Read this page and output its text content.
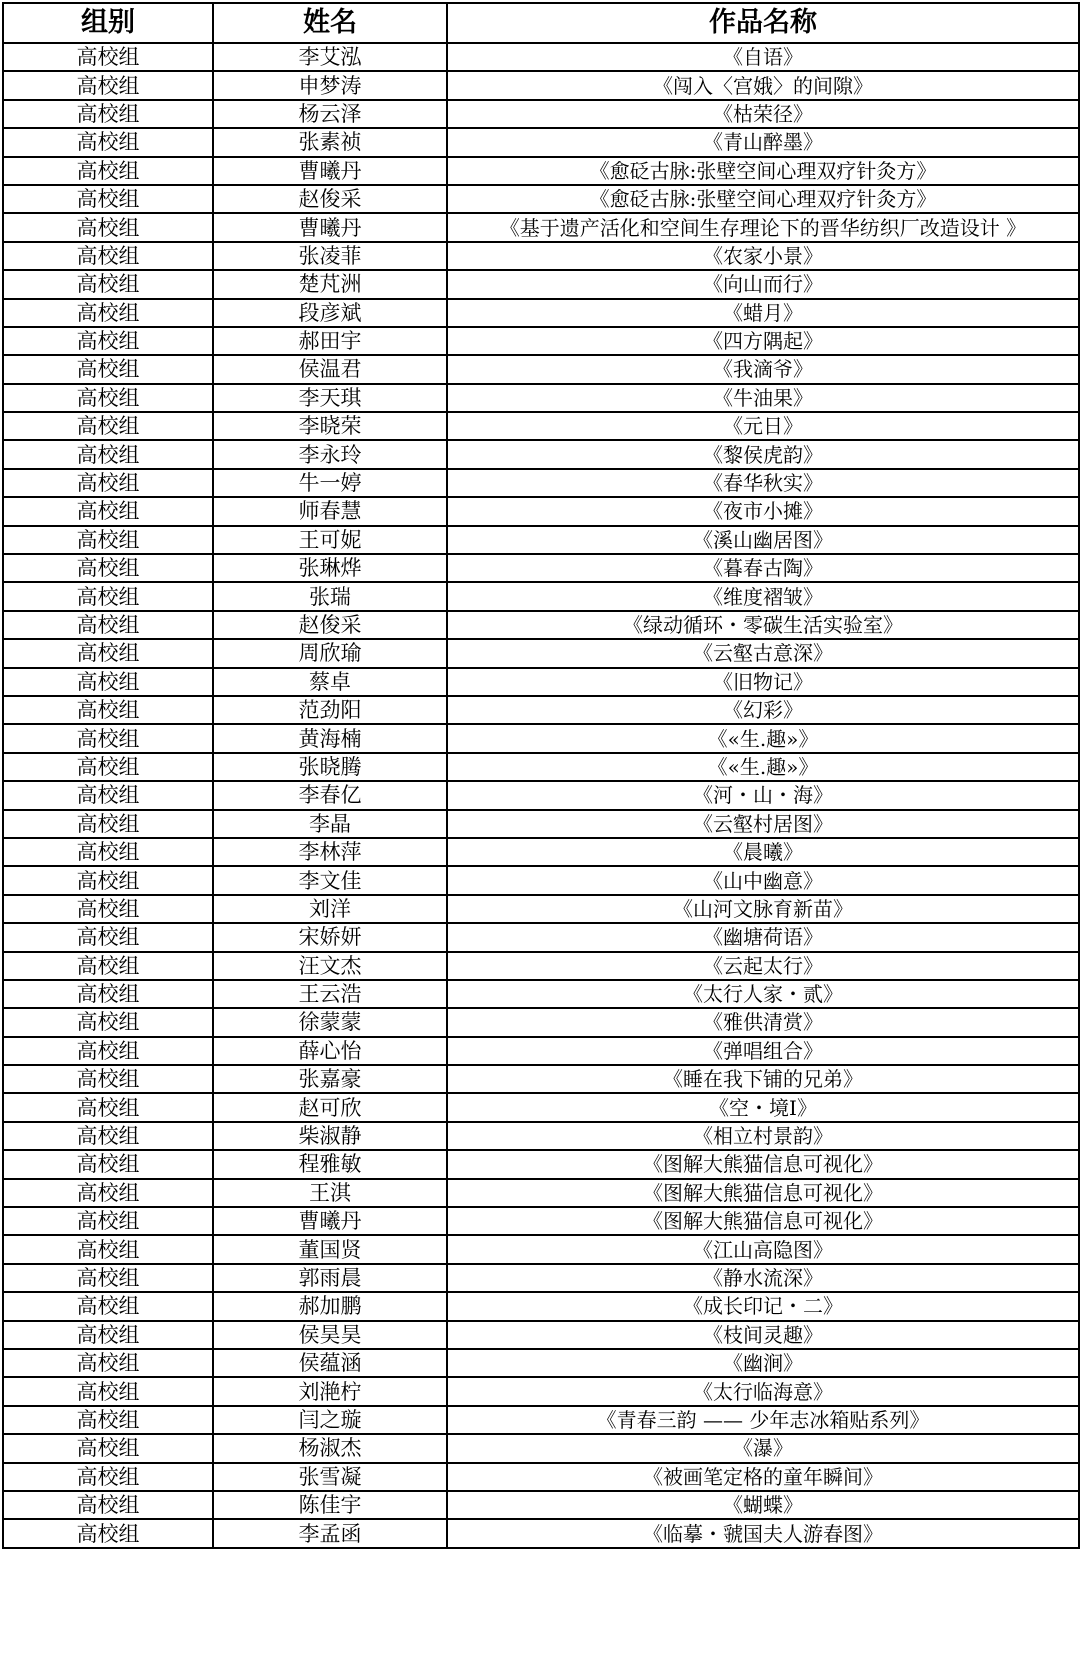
组别	姓名	作品名称
高校组	李艾泓	《自语》
高校组	申梦涛	《闯入〈宫娥〉的间隙》
高校组	杨云泽	《枯荣径》
高校组	张素祯	《青山醉墨》
高校组	曹曦丹	《愈砭古脉:张壁空间心理双疗针灸方》
高校组	赵俊采	《愈砭古脉:张壁空间心理双疗针灸方》
高校组	曹曦丹	《基于遗产活化和空间生存理论下的晋华纺织厂改造设计 》
高校组	张凌菲	《农家小景》
高校组	楚芃洲	《向山而行》
高校组	段彦斌	《蜡月》
高校组	郝田宇	《四方隅起》
高校组	侯温君	《我滴爷》
高校组	李天琪	《牛油果》
高校组	李晓荣	《元日》
高校组	李永玲	《黎侯虎韵》
高校组	牛一婷	《春华秋实》
高校组	师春慧	《夜市小摊》
高校组	王可妮	《溪山幽居图》
高校组	张琳烨	《暮春古陶》
高校组	张瑞	《维度褶皱》
高校组	赵俊采	《绿动循环・零碳生活实验室》
高校组	周欣瑜	《云壑古意深》
高校组	蔡卓	《旧物记》
高校组	范劲阳	《幻彩》
高校组	黄海楠	《«生.趣»》
高校组	张晓腾	《«生.趣»》
高校组	李春亿	《河・山・海》
高校组	李晶	《云壑村居图》
高校组	李林萍	《晨曦》
高校组	李文佳	《山中幽意》
高校组	刘洋	《山河文脉育新苗》
高校组	宋娇妍	《幽塘荷语》
高校组	汪文杰	《云起太行》
高校组	王云浩	《太行人家・贰》
高校组	徐蒙蒙	《雅供清赏》
高校组	薛心怡	《弹唱组合》
高校组	张嘉豪	《睡在我下铺的兄弟》
高校组	赵可欣	《空・境Ⅰ》
高校组	柴淑静	《相立村景韵》
高校组	程雅敏	《图解大熊猫信息可视化》
高校组	王淇	《图解大熊猫信息可视化》
高校组	曹曦丹	《图解大熊猫信息可视化》
高校组	董国贤	《江山高隐图》
高校组	郭雨晨	《静水流深》
高校组	郝加鹏	《成长印记・二》
高校组	侯昊昊	《枝间灵趣》
高校组	侯蕴涵	《幽涧》
高校组	刘滟柠	《太行临海意》
高校组	闫之璇	《青春三韵 —— 少年志冰箱贴系列》
高校组	杨淑杰	《瀑》
高校组	张雪凝	《被画笔定格的童年瞬间》
高校组	陈佳宇	《蝴蝶》
高校组	李孟函	《临摹・虢国夫人游春图》
